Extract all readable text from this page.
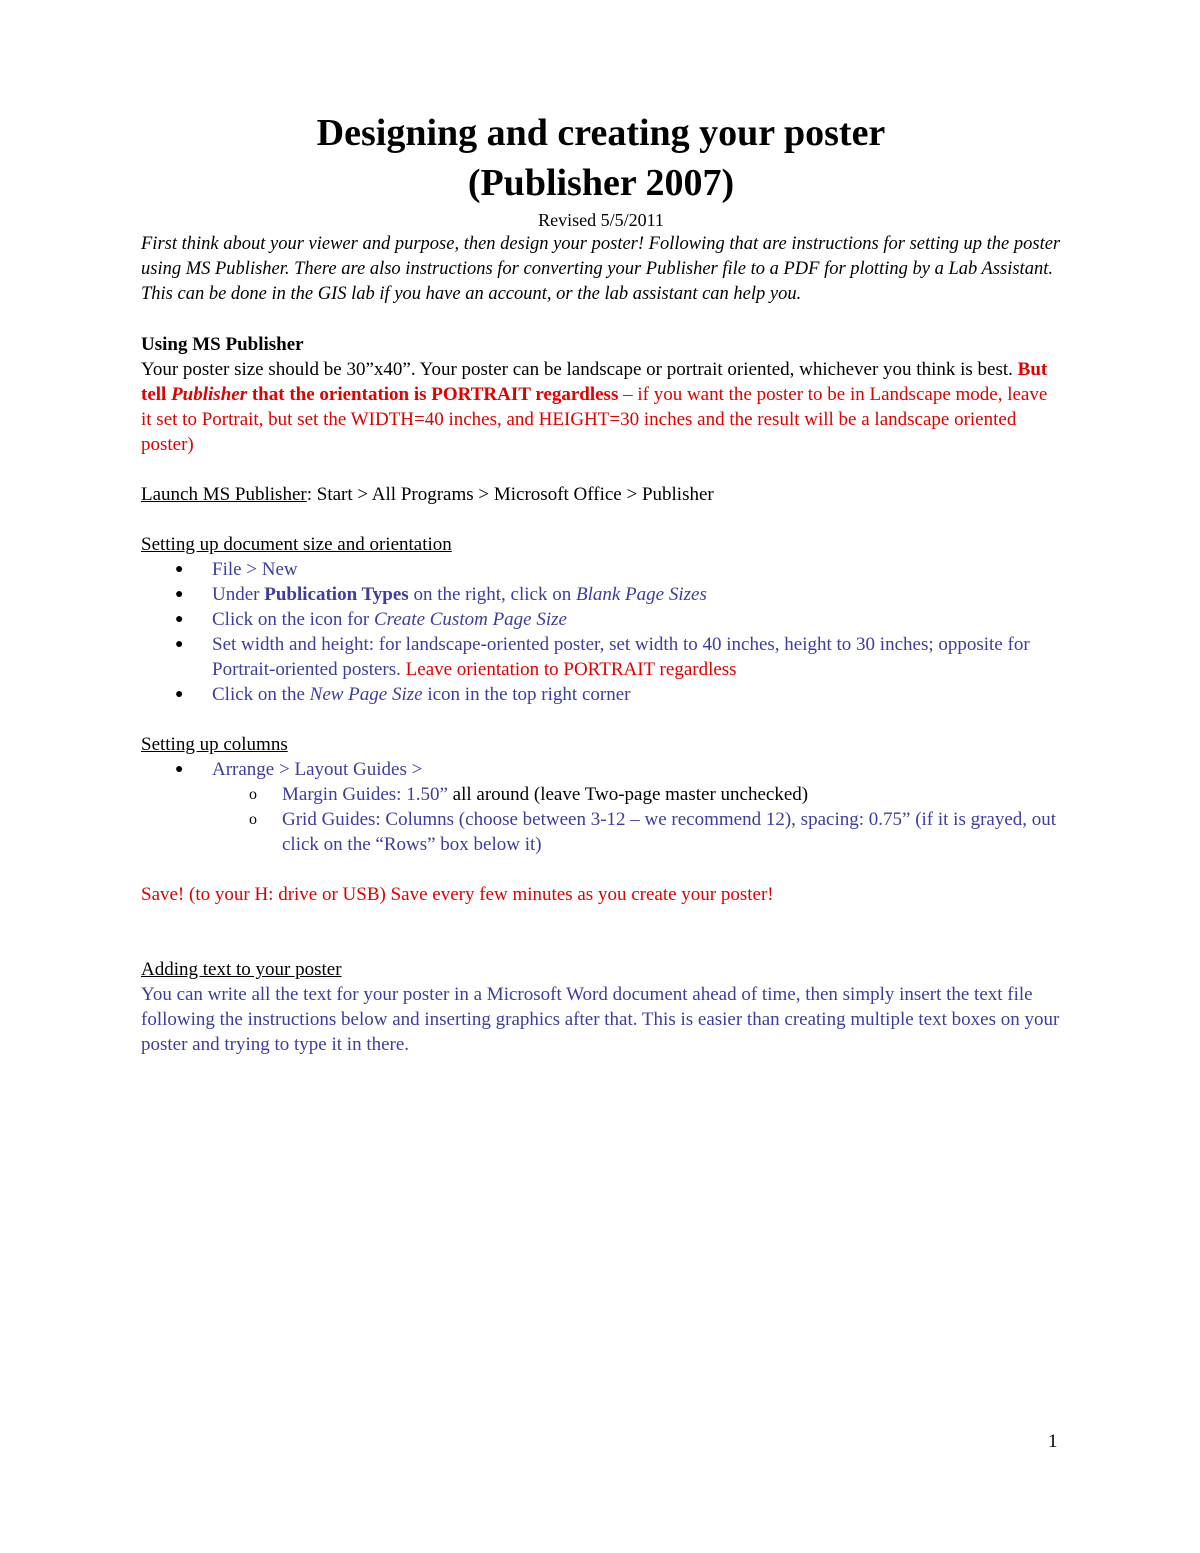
Designing and creating your poster
(Publisher 2007)

Revised 5/5/2011

First think about your viewer and purpose, then design your poster! Following that are instructions for setting up the poster using MS Publisher. There are also instructions for converting your Publisher file to a PDF for plotting by a Lab Assistant. This can be done in the GIS lab if you have an account, or the lab assistant can help you.

Using MS Publisher

Your poster size should be 30”x40”. Your poster can be landscape or portrait oriented, whichever you think is best. But tell Publisher that the orientation is PORTRAIT regardless – if you want the poster to be in Landscape mode, leave it set to Portrait, but set the WIDTH=40 inches, and HEIGHT=30 inches and the result will be a landscape oriented poster)

Launch MS Publisher: Start > All Programs > Microsoft Office > Publisher

Setting up document size and orientation

● File > New
● Under Publication Types on the right, click on Blank Page Sizes
● Click on the icon for Create Custom Page Size
● Set width and height: for landscape-oriented poster, set width to 40 inches, height to 30 inches; opposite for Portrait-oriented posters. Leave orientation to PORTRAIT regardless
● Click on the New Page Size icon in the top right corner

Setting up columns

● Arrange > Layout Guides >
o Margin Guides: 1.50” all around (leave Two-page master unchecked)
o Grid Guides: Columns (choose between 3-12 – we recommend 12), spacing: 0.75” (if it is grayed, out click on the “Rows” box below it)

Save! (to your H: drive or USB) Save every few minutes as you create your poster!

Adding text to your poster

You can write all the text for your poster in a Microsoft Word document ahead of time, then simply insert the text file following the instructions below and inserting graphics after that. This is easier than creating multiple text boxes on your poster and trying to type it in there.

1
